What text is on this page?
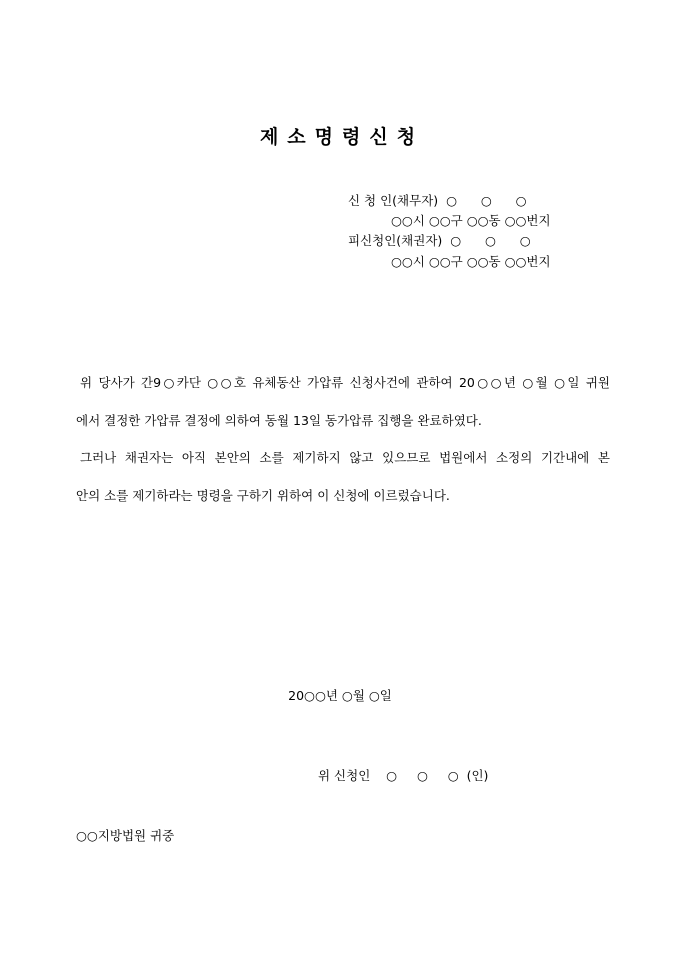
제소명령신청
신 청 인(채무자)  ○      ○      ○
○○시 ○○구 ○○동 ○○번지
피신청인(채권자)  ○      ○      ○
○○시 ○○구 ○○동 ○○번지
위 당사가 간9○카단 ○○호 유체동산 가압류 신청사건에 관하여 20○○년 ○월 ○일 귀원
에서 결정한 가압류 결정에 의하여 동월 13일 동가압류 집행을 완료하였다.
그러나 채권자는 아직 본안의 소를 제기하지 않고 있으므로 법원에서 소정의 기간내에 본
안의 소를 제기하라는 명령을 구하기 위하여 이 신청에 이르렀습니다.
20○○년 ○월 ○일
위 신청인    ○     ○     ○  (인)
○○지방법원 귀중
